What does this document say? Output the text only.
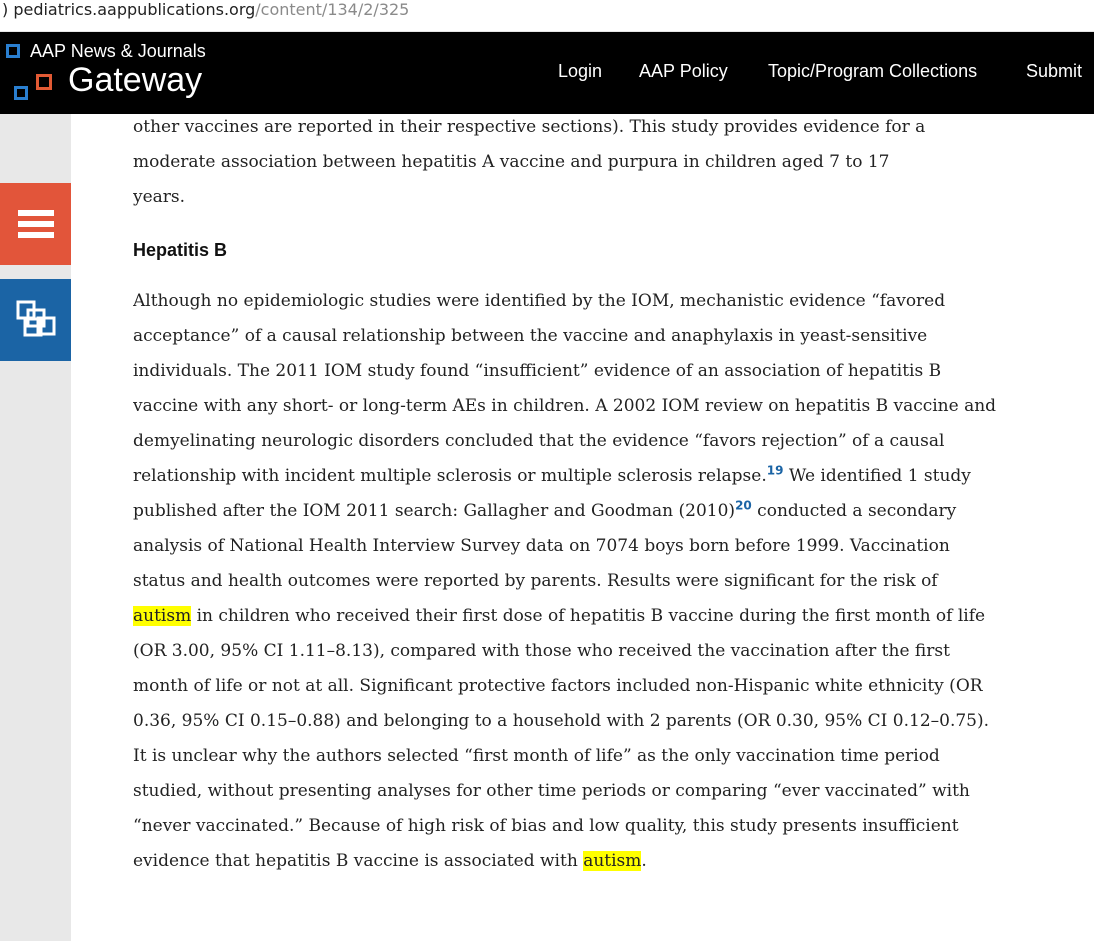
) pediatrics.aappublications.org/content/134/2/325
AAP News & Journals
Gateway	Login AAP Policy Topic/Program Collections	Submit

other vaccines are reported in their respective sections). This study provides evidence for a
moderate association between hepatitis A vaccine and purpura in children aged 7 to 17
years.

Hepatitis B

Although no epidemiologic studies were identified by the IOM, mechanistic evidence “favored acceptance” of a causal relationship between the vaccine and anaphylaxis in yeast-sensitive individuals. The 2011 IOM study found “insufficient” evidence of an association of hepatitis B vaccine with any short- or long-term AEs in children. A 2002 IOM review on hepatitis B vaccine and demyelinating neurologic disorders concluded that the evidence “favors rejection” of a causal relationship with incident multiple sclerosis or multiple sclerosis relapse.$^{19}$ We identified 1 study published after the IOM 2011 search: Gallagher and Goodman (2010)$^{20}$ conducted a secondary analysis of National Health Interview Survey data on 7074 boys born before 1999. Vaccination status and health outcomes were reported by parents. Results were significant for the risk of autism in children who received their first dose of hepatitis B vaccine during the first month of life (OR 3.00, 95% CI 1.11–8.13), compared with those who received the vaccination after the first month of life or not at all. Significant protective factors included non-Hispanic white ethnicity (OR 0.36, 95% CI 0.15–0.88) and belonging to a household with 2 parents (OR 0.30, 95% CI 0.12–0.75). It is unclear why the authors selected “first month of life” as the only vaccination time period studied, without presenting analyses for other time periods or comparing “ever vaccinated” with “never vaccinated.” Because of high risk of bias and low quality, this study presents insufficient evidence that hepatitis B vaccine is associated with autism.
